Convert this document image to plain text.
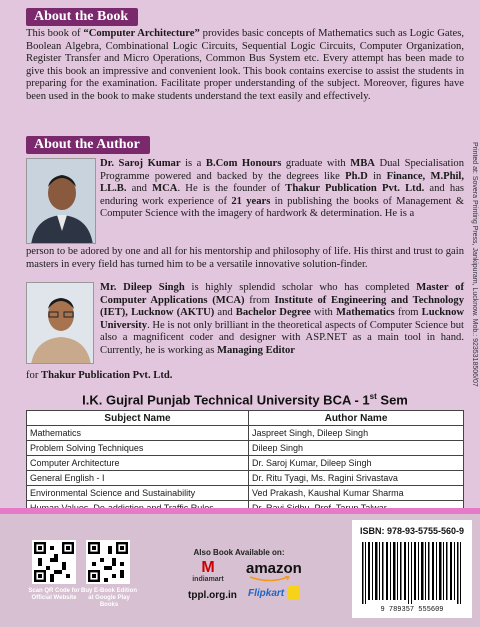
About the Book

This book of “Computer Architecture” provides basic concepts of Mathematics such as Logic Gates, Boolean Algebra, Combinational Logic Circuits, Sequential Logic Circuits, Computer Organization, Register Transfer and Micro Operations, Common Bus System etc. Every attempt has been made to give this book an impressive and convenient look. This book contains exercise to assist the students in preparing for the examination. Facilitate proper understanding of the subject. Moreover, figures have been used in the book to make students understand the text easily and effectively.

About the Author

Dr. Saroj Kumar is a B.Com Honours graduate with MBA Dual Specialisation Programme powered and backed by the degrees like Ph.D in Finance, M.Phil, LL.B. and MCA. He is the founder of Thakur Publication Pvt. Ltd. and has enduring work experience of 21 years in publishing the books of Management & Computer Science with the imagery of hardwork & determination. He is a

person to be adored by one and all for his mentorship and philosophy of life. His thirst and trust to gain masters in every field has turned him to be a versatile innovative solution-finder.

Mr. Dileep Singh is highly splendid scholar who has completed Master of Computer Applications (MCA) from Institute of Engineering and Technology (IET), Lucknow (AKTU) and Bachelor Degree with Mathematics from Lucknow University. He is not only brilliant in the theoretical aspects of Computer Science but also a magnificent coder and designer with ASP.NET as a main tool in hand. Currently, he is working as Managing Editor

for Thakur Publication Pvt. Ltd.	Printed at: Sovera Printing Press, Jankipuram, Lucknow. Mob.: 9235318506/07
I.K. Gujral Punjab Technical University BCA - 1st Sem
Subject Name	Author Name
Mathematics	Jaspreet Singh, Dileep Singh
Problem Solving Techniques	Dileep Singh
Computer Architecture	Dr. Saroj Kumar, Dileep Singh
General English - I	Dr. Ritu Tyagi, Ms. Ragini Srivastava
Environmental Science and Sustainability	Ved Prakash, Kaushal Kumar Sharma

Scan QR Code for Official Website
Buy E-Book Edition at Google Play Books
Also Book Available on:
M
indiamart
amazon
tppl.org.in Flipkart
ISBN: 978-93-5755-560-9
9 789357 555609
